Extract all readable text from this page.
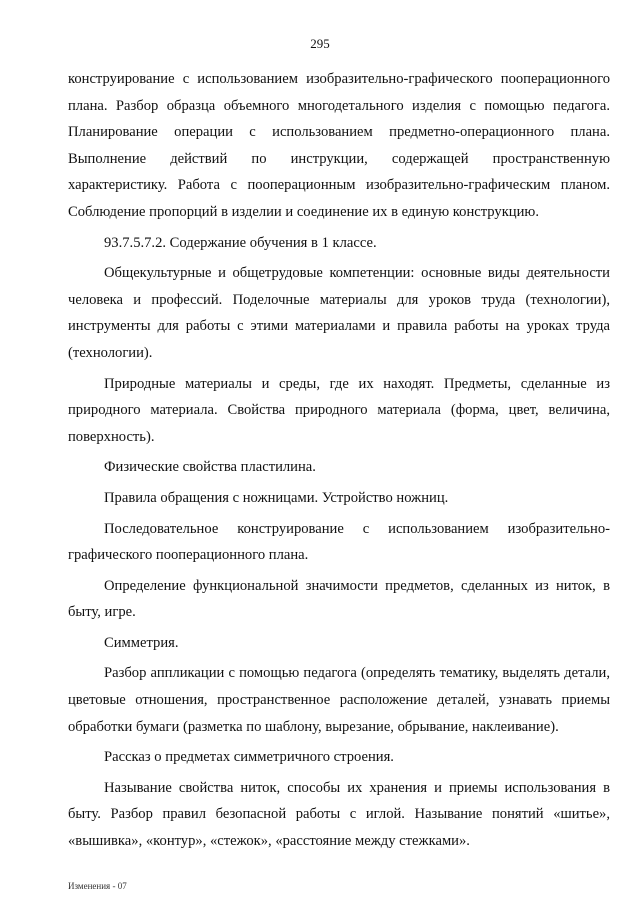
295

конструирование с использованием изобразительно-графического пооперационного плана. Разбор образца объемного многодетального изделия с помощью педагога. Планирование операции с использованием предметно-операционного плана. Выполнение действий по инструкции, содержащей пространственную характеристику. Работа с пооперационным изобразительно-графическим планом. Соблюдение пропорций в изделии и соединение их в единую конструкцию.

93.7.5.7.2. Содержание обучения в 1 классе.

Общекультурные и общетрудовые компетенции: основные виды деятельности человека и профессий. Поделочные материалы для уроков труда (технологии), инструменты для работы с этими материалами и правила работы на уроках труда (технологии).

Природные материалы и среды, где их находят. Предметы, сделанные из природного материала. Свойства природного материала (форма, цвет, величина, поверхность).

Физические свойства пластилина.

Правила обращения с ножницами. Устройство ножниц.

Последовательное конструирование с использованием изобразительно-графического пооперационного плана.

Определение функциональной значимости предметов, сделанных из ниток, в быту, игре.

Симметрия.

Разбор аппликации с помощью педагога (определять тематику, выделять детали, цветовые отношения, пространственное расположение деталей, узнавать приемы обработки бумаги (разметка по шаблону, вырезание, обрывание, наклеивание).

Рассказ о предметах симметричного строения.

Называние свойства ниток, способы их хранения и приемы использования в быту. Разбор правил безопасной работы с иглой. Называние понятий «шитье», «вышивка», «контур», «стежок», «расстояние между стежками».

Изменения - 07
